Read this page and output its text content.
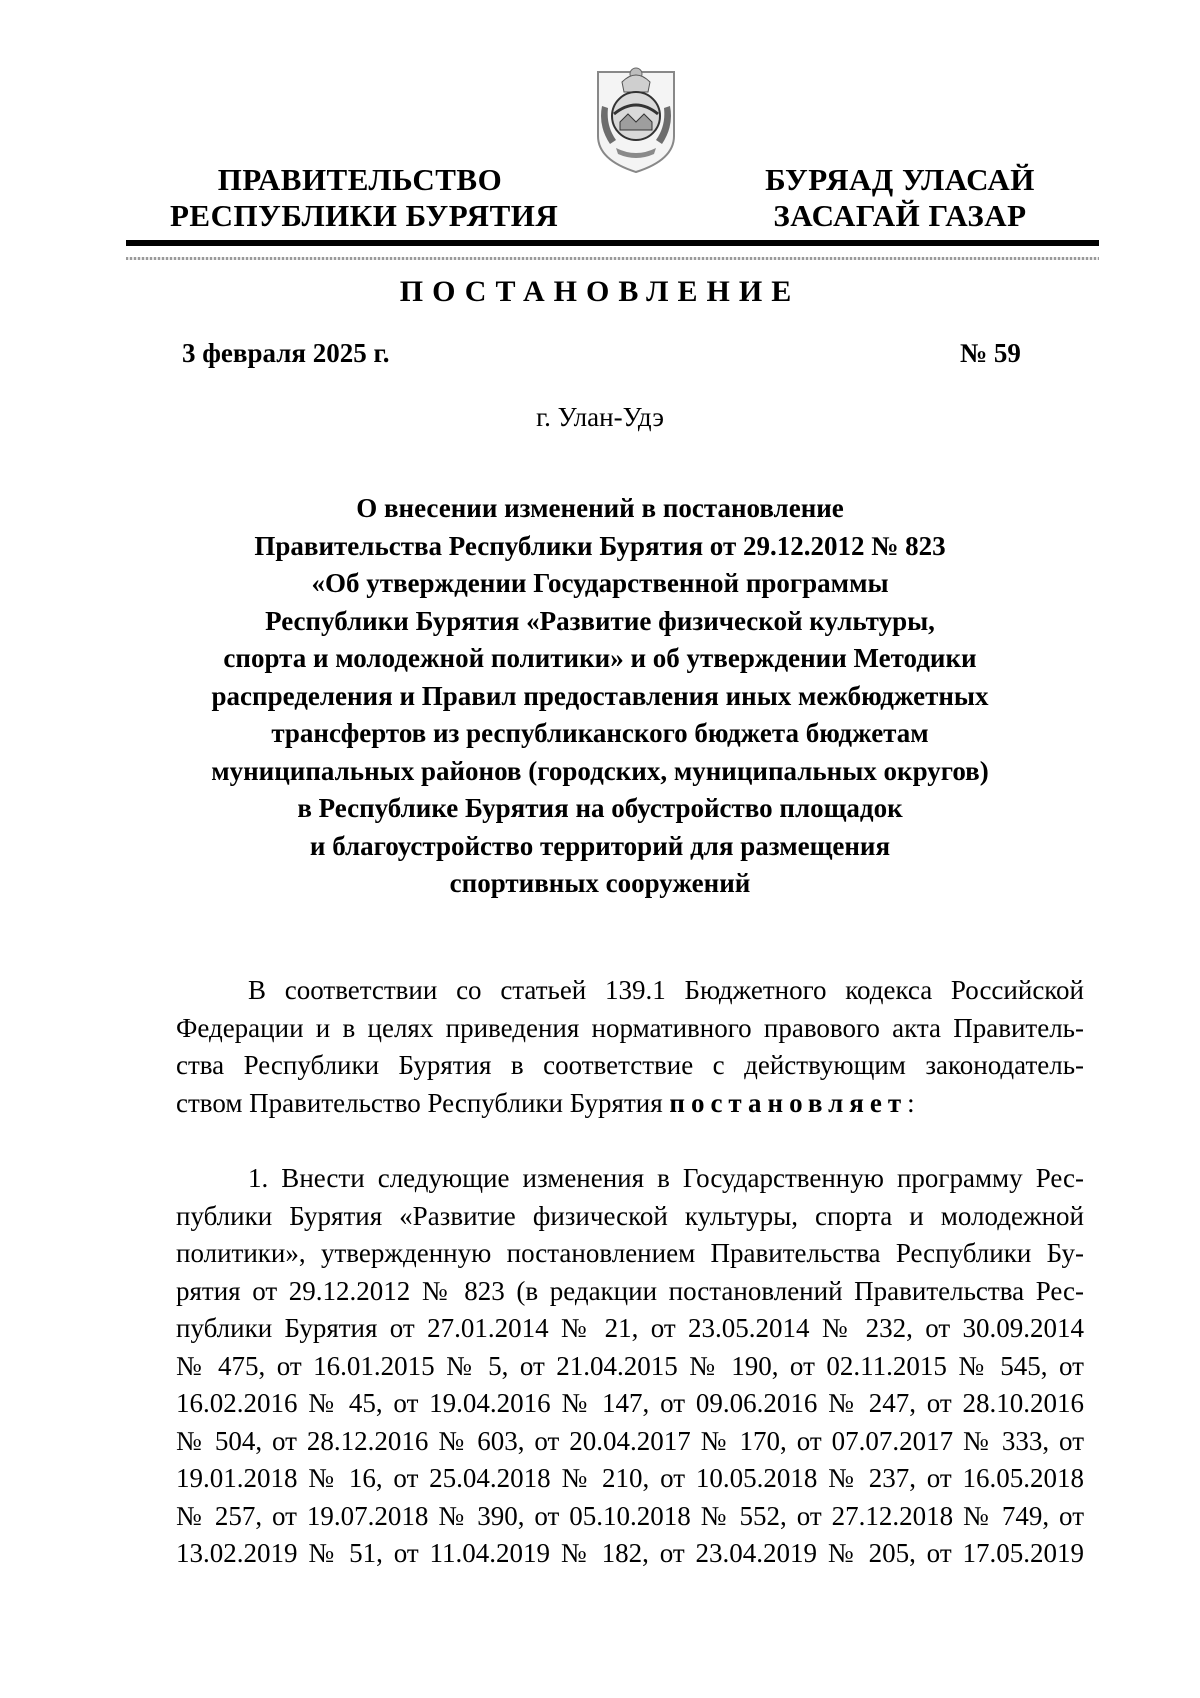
ПРАВИТЕЛЬСТВО
РЕСПУБЛИКИ БУРЯТИЯ
БУРЯАД УЛАСАЙ
ЗАСАГАЙ ГАЗАР
ПОСТАНОВЛЕНИЕ
3 февраля 2025 г.	№ 59
г. Улан-Удэ
О внесении изменений в постановление
Правительства Республики Бурятия от 29.12.2012 № 823
«Об утверждении Государственной программы
Республики Бурятия «Развитие физической культуры,
спорта и молодежной политики» и об утверждении Методики
распределения и Правил предоставления иных межбюджетных
трансфертов из республиканского бюджета бюджетам
муниципальных районов (городских, муниципальных округов)
в Республике Бурятия на обустройство площадок
и благоустройство территорий для размещения
спортивных сооружений
В соответствии со статьей 139.1 Бюджетного кодекса Российской
Федерации и в целях приведения нормативного правового акта Правитель-
ства Республики Бурятия в соответствие с действующим законодатель-
ством Правительство Республики Бурятия постановляет:
1. Внести следующие изменения в Государственную программу Рес-
публики Бурятия «Развитие физической культуры, спорта и молодежной
политики», утвержденную постановлением Правительства Республики Бу-
рятия от 29.12.2012 № 823 (в редакции постановлений Правительства Рес-
публики Бурятия от 27.01.2014 № 21, от 23.05.2014 № 232, от 30.09.2014
№ 475, от 16.01.2015 № 5, от 21.04.2015 № 190, от 02.11.2015 № 545, от
16.02.2016 № 45, от 19.04.2016 № 147, от 09.06.2016 № 247, от 28.10.2016
№ 504, от 28.12.2016 № 603, от 20.04.2017 № 170, от 07.07.2017 № 333, от
19.01.2018 № 16, от 25.04.2018 № 210, от 10.05.2018 № 237, от 16.05.2018
№ 257, от 19.07.2018 № 390, от 05.10.2018 № 552, от 27.12.2018 № 749, от
13.02.2019 № 51, от 11.04.2019 № 182, от 23.04.2019 № 205, от 17.05.2019
